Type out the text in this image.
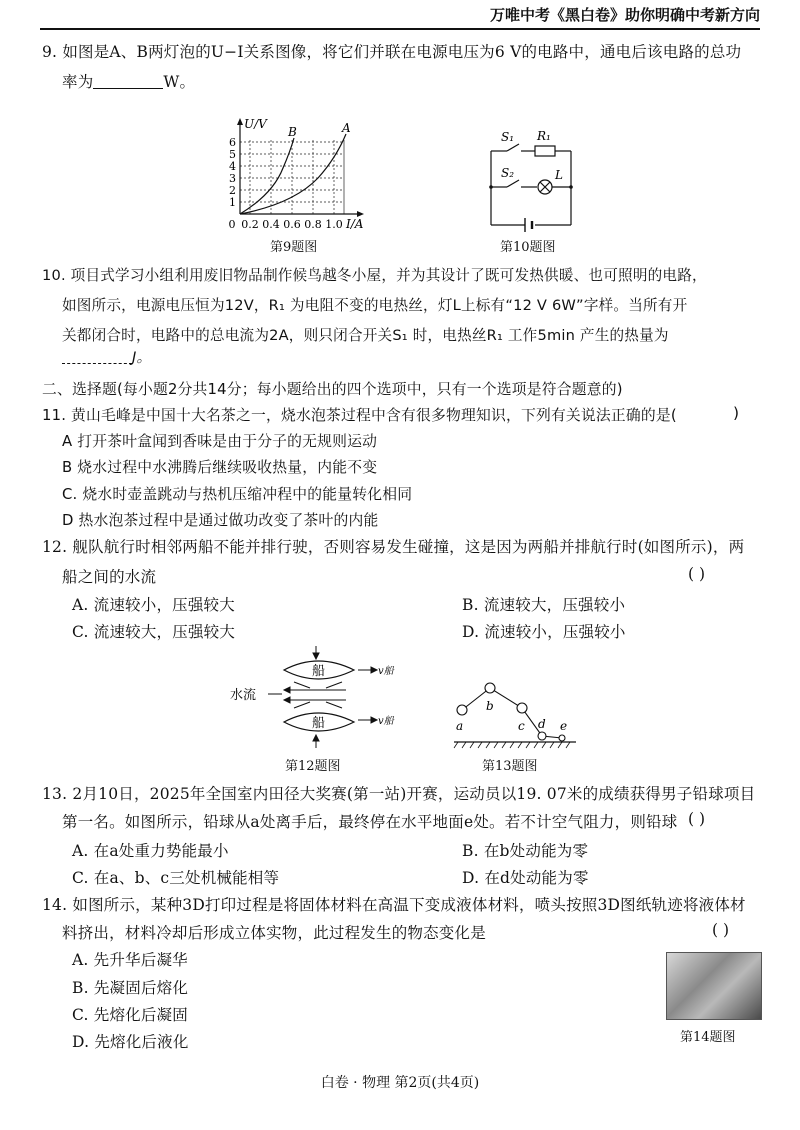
万唯中考《黑白卷》助你明确中考新方向
9. 如图是A、B两灯泡的U−I关系图像，将它们并联在电源电压为6 V的电路中，通电后该电路的总功
率为	W。
U/V
B	A
1
2
3
4
5
6
0 0.2 0.4 0.6 0.8 1.0 I/A
第9题图
S₁ R₁
S₂	L
第10题图
10. 项目式学习小组利用废旧物品制作候鸟越冬小屋，并为其设计了既可发热供暖、也可照明的电路，
如图所示，电源电压恒为12V，R₁ 为电阻不变的电热丝，灯L上标有“12 V 6W”字样。当所有开
关都闭合时，电路中的总电流为2A，则只闭合开关S₁ 时，电热丝R₁ 工作5min 产生的热量为
J。
二、选择题(每小题2分共14分；每小题给出的四个选项中，只有一个选项是符合题意的)
11. 黄山毛峰是中国十大名茶之一，烧水泡茶过程中含有很多物理知识，下列有关说法正确的是(	)
A 打开茶叶盒闻到香味是由于分子的无规则运动
B 烧水过程中水沸腾后继续吸收热量，内能不变
C. 烧水时壶盖跳动与热机压缩冲程中的能量转化相同
D 热水泡茶过程中是通过做功改变了茶叶的内能
12. 舰队航行时相邻两船不能并排行驶，否则容易发生碰撞，这是因为两船并排航行时(如图所示)，两
船之间的水流	( )
A. 流速较小，压强较大	B. 流速较大，压强较小
C. 流速较大，压强较大	D. 流速较小，压强较小
船
船
水流
v船
v船
第12题图
a
b
c d e
第13题图
13. 2月10日，2025年全国室内田径大奖赛(第一站)开赛，运动员以19. 07米的成绩获得男子铅球项目
第一名。如图所示，铅球从a处离手后，最终停在水平地面e处。若不计空气阻力，则铅球 ( )
A. 在a处重力势能最小	B. 在b处动能为零
C. 在a、b、c三处机械能相等	D. 在d处动能为零
14. 如图所示，某种3D打印过程是将固体材料在高温下变成液体材料，喷头按照3D图纸轨迹将液体材
料挤出，材料冷却后形成立体实物，此过程发生的物态变化是	( )
A. 先升华后凝华
B. 先凝固后熔化
C. 先熔化后凝固
D. 先熔化后液化	第14题图
白卷 · 物理 第2页(共4页)
